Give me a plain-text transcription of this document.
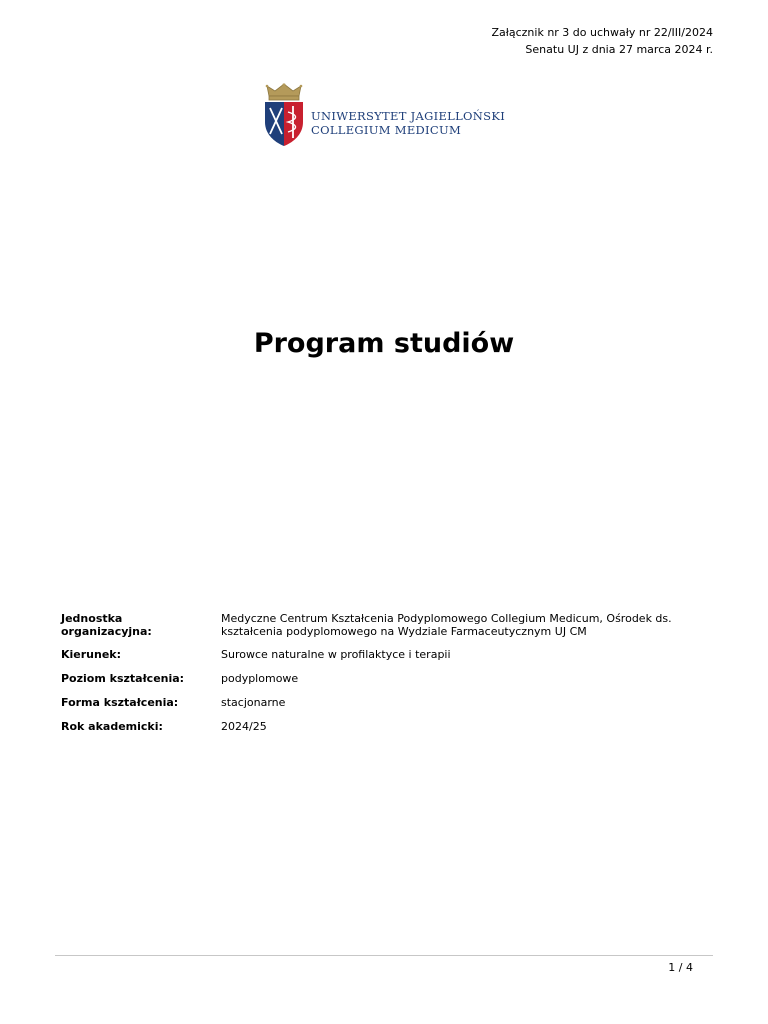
Załącznik nr 3 do uchwały nr 22/III/2024
Senatu UJ z dnia 27 marca 2024 r.
UNIWERSYTET JAGIELLOŃSKI
COLLEGIUM MEDICUM
Program studiów
Jednostka organizacyjna:	Medyczne Centrum Kształcenia Podyplomowego Collegium Medicum, Ośrodek ds. kształcenia podyplomowego na Wydziale Farmaceutycznym UJ CM
Kierunek:	Surowce naturalne w profilaktyce i terapii
Poziom kształcenia:	podyplomowe
Forma kształcenia:	stacjonarne
Rok akademicki:	2024/25
1 / 4
